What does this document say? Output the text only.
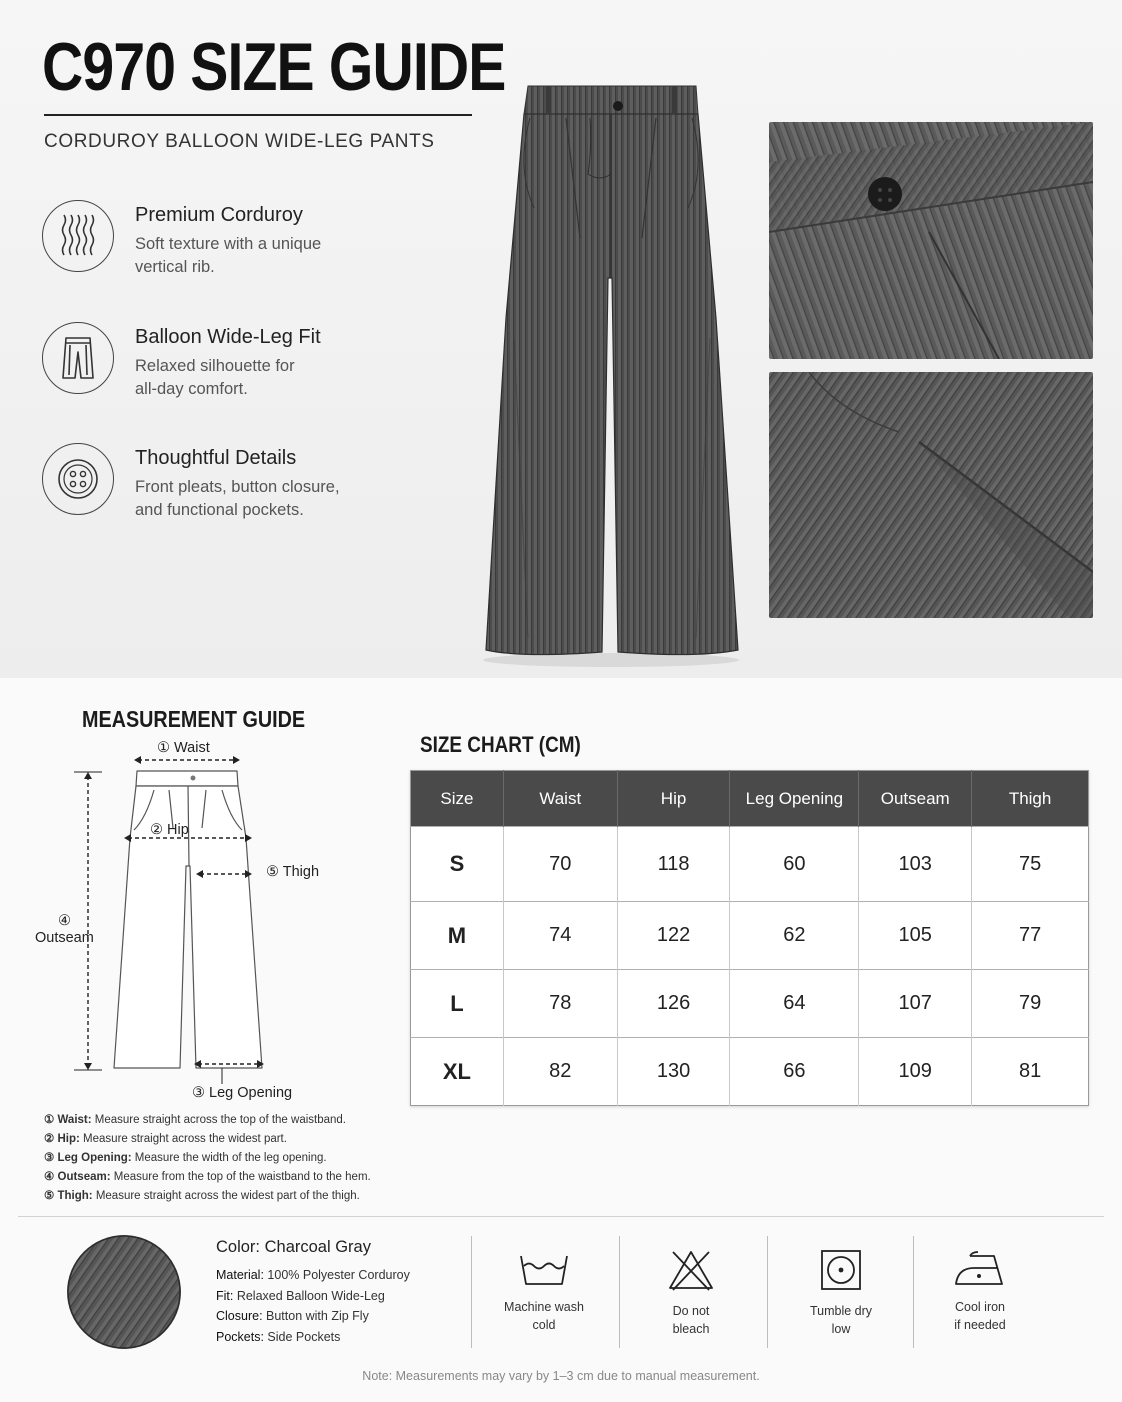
C970 SIZE GUIDE
CORDUROY BALLOON WIDE-LEG PANTS
Premium Corduroy
Soft texture with a unique
vertical rib.
Balloon Wide-Leg Fit
Relaxed silhouette for
all-day comfort.
Thoughtful Details
Front pleats, button closure,
and functional pockets.
MEASUREMENT GUIDE
① Waist
② Hip
⑤ Thigh
④
Outseam
③ Leg Opening
① Waist: Measure straight across the top of the waistband.
② Hip: Measure straight across the widest part.
③ Leg Opening: Measure the width of the leg opening.
④ Outseam: Measure from the top of the waistband to the hem.
⑤ Thigh: Measure straight across the widest part of the thigh.
SIZE CHART (CM)
Size	Waist	Hip	Leg Opening	Outseam	Thigh
S	70	118	60	103	75
M	74	122	62	105	77
L	78	126	64	107	79
XL	82	130	66	109	81
Color: Charcoal Gray
Material: 100% Polyester Corduroy
Fit: Relaxed Balloon Wide-Leg
Closure: Button with Zip Fly
Pockets: Side Pockets
Machine wash
cold
Do not
bleach
Tumble dry
low
Cool iron
if needed
Note: Measurements may vary by 1–3 cm due to manual measurement.
